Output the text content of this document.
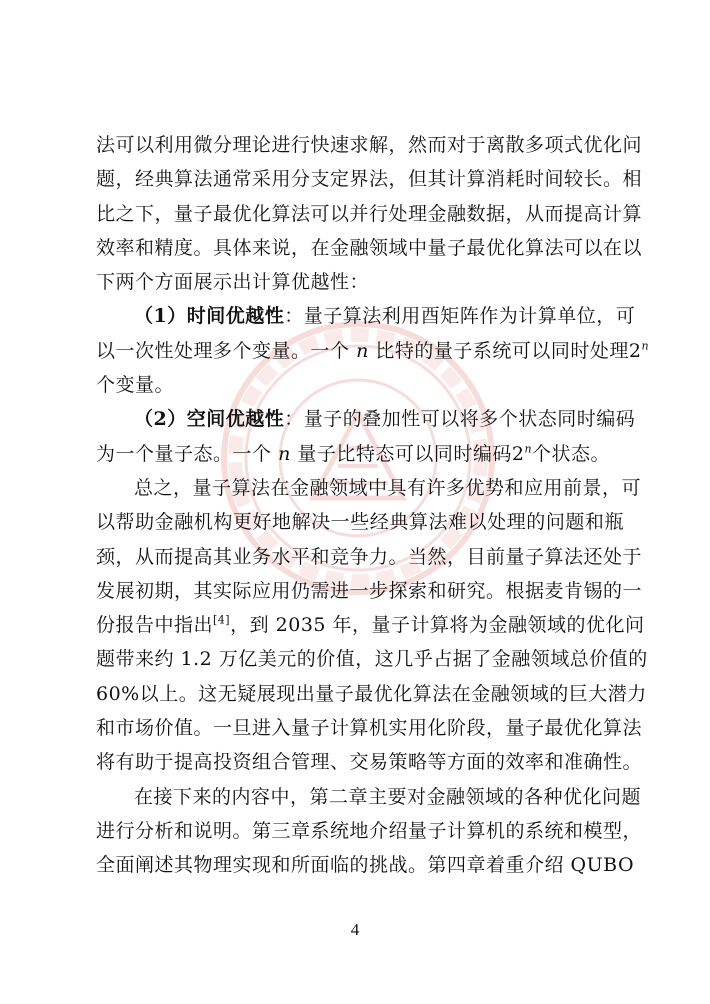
法可以利用微分理论进行快速求解，然而对于离散多项式优化问
题，经典算法通常采用分支定界法，但其计算消耗时间较长。相
比之下，量子最优化算法可以并行处理金融数据，从而提高计算
效率和精度。具体来说，在金融领域中量子最优化算法可以在以
下两个方面展示出计算优越性：
（1）时间优越性：量子算法利用酉矩阵作为计算单位，可
以一次性处理多个变量。一个 n 比特的量子系统可以同时处理2$^n$
个变量。
（2）空间优越性：量子的叠加性可以将多个状态同时编码
为一个量子态。一个 n 量子比特态可以同时编码2$^n$个状态。
总之，量子算法在金融领域中具有许多优势和应用前景，可
以帮助金融机构更好地解决一些经典算法难以处理的问题和瓶
颈，从而提高其业务水平和竞争力。当然，目前量子算法还处于
发展初期，其实际应用仍需进一步探索和研究。根据麦肯锡的一
份报告中指出[4]，到 2035 年，量子计算将为金融领域的优化问
题带来约 1.2 万亿美元的价值，这几乎占据了金融领域总价值的
60%以上。这无疑展现出量子最优化算法在金融领域的巨大潜力
和市场价值。一旦进入量子计算机实用化阶段，量子最优化算法
将有助于提高投资组合管理、交易策略等方面的效率和准确性。
在接下来的内容中，第二章主要对金融领域的各种优化问题
进行分析和说明。第三章系统地介绍量子计算机的系统和模型，
全面阐述其物理实现和所面临的挑战。第四章着重介绍 QUBO
4
